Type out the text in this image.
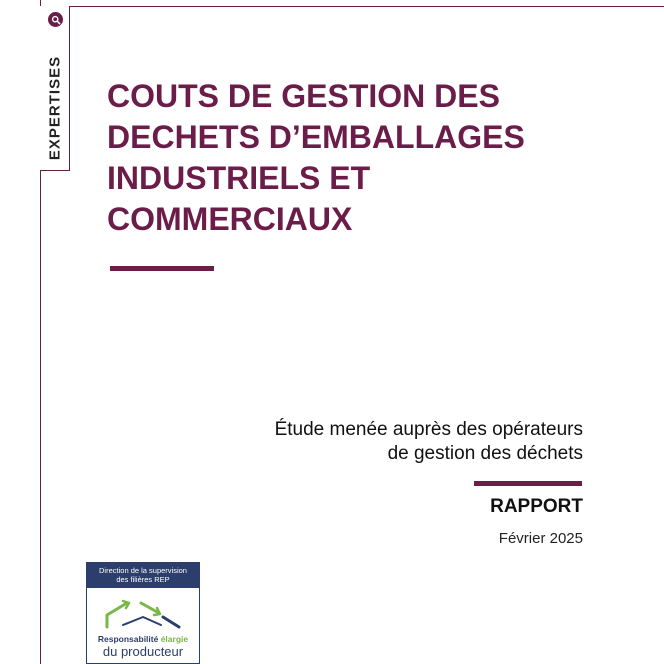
EXPERTISES COUTS DE GESTION DES
DECHETS D’EMBALLAGES
INDUSTRIELS ET
COMMERCIAUX
Étude menée auprès des opérateurs
de gestion des déchets
RAPPORT
Février 2025
Direction de la supervision
des filières REP
Responsabilité élargie
du producteur
